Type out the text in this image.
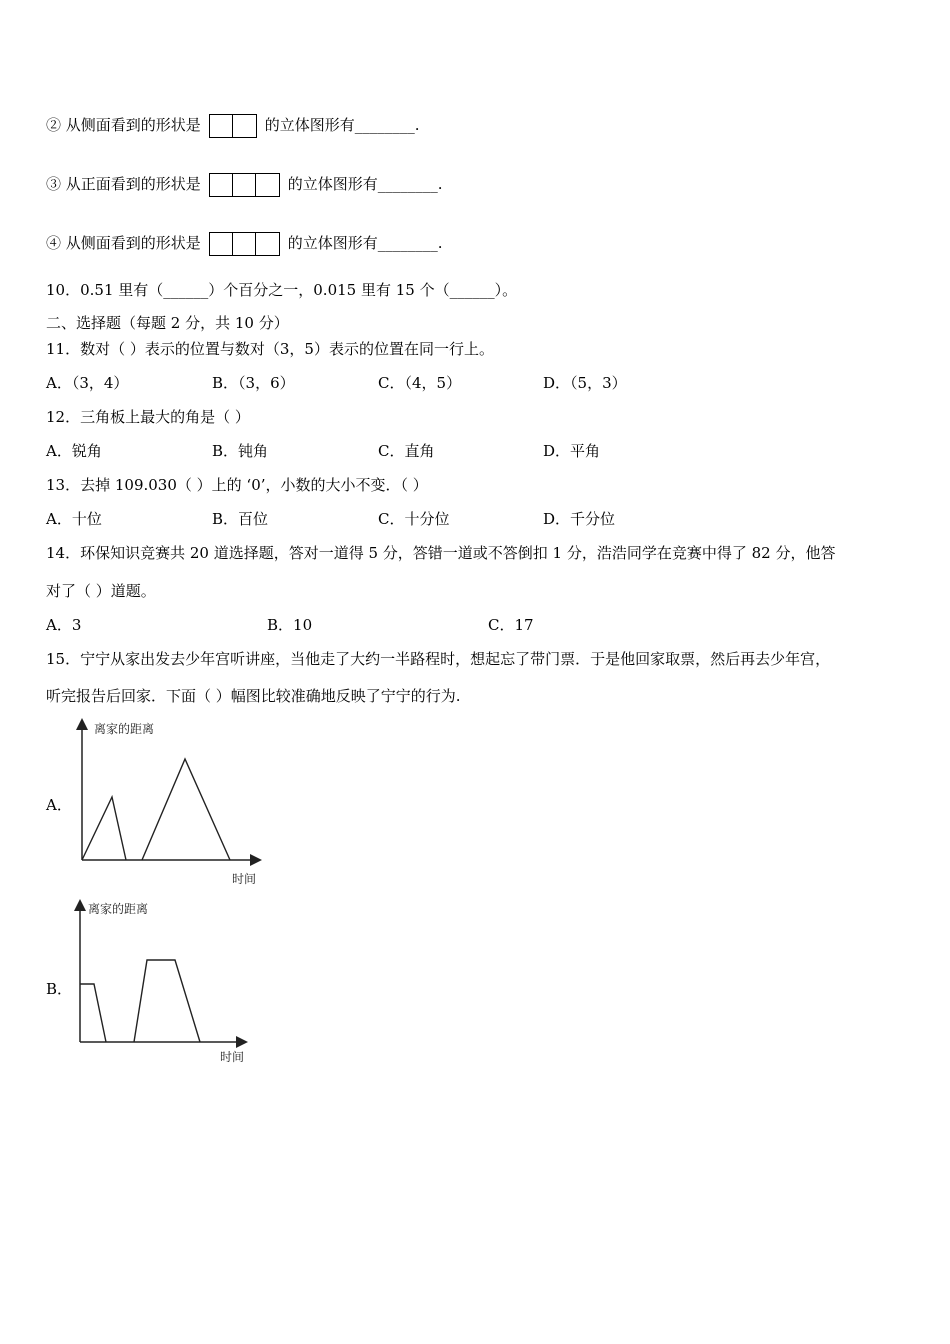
② 从侧面看到的形状是	的立体图形有________.
③ 从正面看到的形状是	的立体图形有________.
④ 从侧面看到的形状是	的立体图形有________.
10．0.51 里有（______）个百分之一，0.015 里有 15 个（______）。
二、选择题（每题 2 分，共 10 分）
11．数对（ ）表示的位置与数对（3，5）表示的位置在同一行上。
A．（3，4）	B．（3，6）	C．（4，5）	D．（5，3）
12．三角板上最大的角是（ ）
A．锐角	B．钝角	C．直角	D．平角
13．去掉 109.030（ ）上的 ‘0’，小数的大小不变．（ ）
A．十位	B．百位	C．十分位	D．千分位
14．环保知识竞赛共 20 道选择题，答对一道得 5 分，答错一道或不答倒扣 1 分，浩浩同学在竞赛中得了 82 分，他答
对了（ ）道题。
A．3	B．10	C．17
15．宁宁从家出发去少年宫听讲座，当他走了大约一半路程时，想起忘了带门票．于是他回家取票，然后再去少年宫，
听完报告后回家．下面（ ）幅图比较准确地反映了宁宁的行为.
A．
离家的距离
时间
B．
离家的距离
时间
